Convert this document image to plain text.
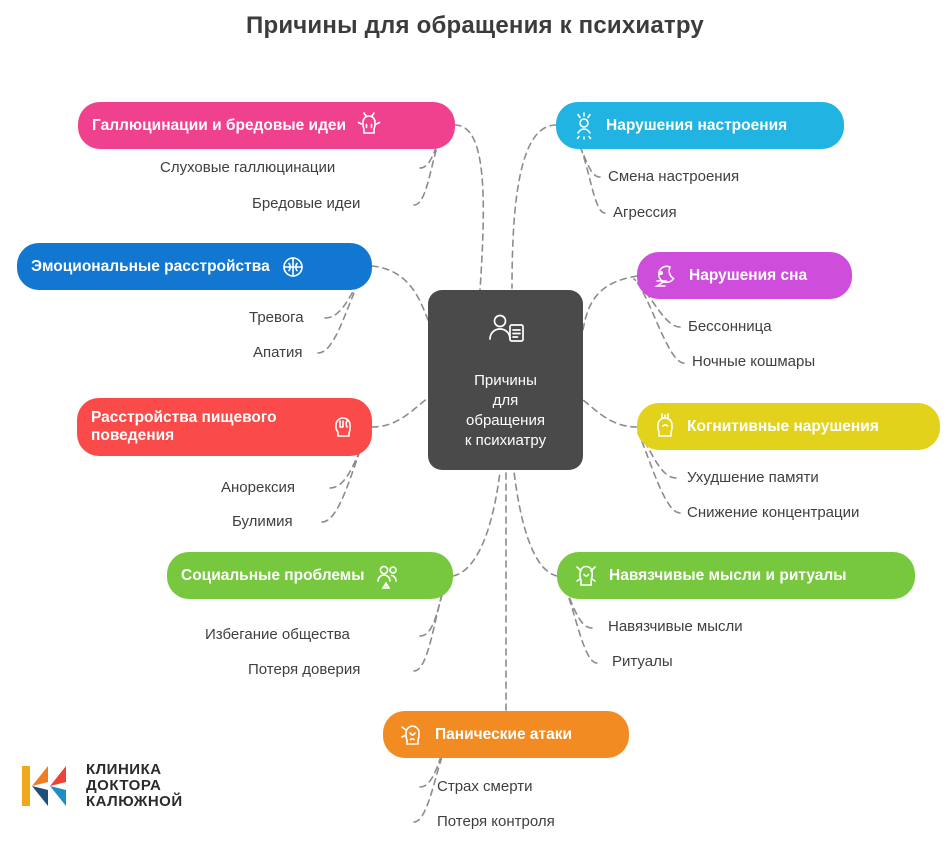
Причины для обращения к психиатру
Причины
для
обращения
к психиатру
Галлюцинации и бредовые идеи
Слуховые галлюцинации
Бредовые идеи
Нарушения настроения
Смена настроения
Агрессия
Эмоциональные расстройства
Тревога
Апатия
Нарушения сна
Бессонница
Ночные кошмары
Расстройства пищевого поведения
Анорексия
Булимия
Когнитивные нарушения
Ухудшение памяти
Снижение концентрации
Социальные проблемы
Избегание общества
Потеря доверия
Навязчивые мысли и ритуалы
Навязчивые мысли
Ритуалы
Панические атаки
Страх смерти
Потеря контроля
КЛИНИКА
ДОКТОРА
КАЛЮЖНОЙ
